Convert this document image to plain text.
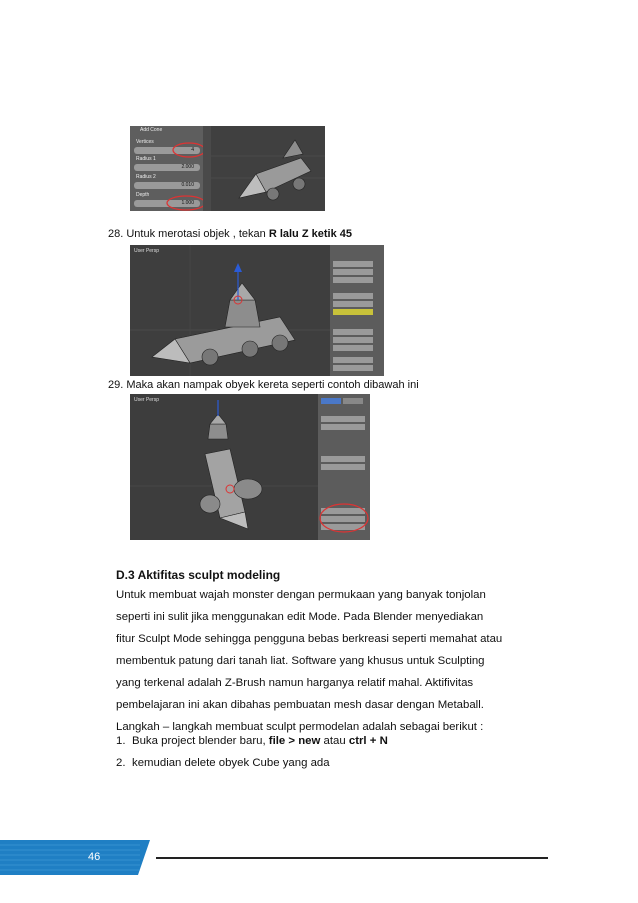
Add Cone
Vertices
4
Radius 1
2.000
Radius 2
0.010
Depth
1.000
28. Untuk merotasi objek , tekan R lalu Z ketik 45
User Persp
29. Maka akan nampak obyek kereta seperti contoh dibawah ini
User Persp
D.3 Aktifitas sculpt modeling
Untuk membuat wajah monster dengan permukaan yang banyak tonjolan
seperti ini sulit jika menggunakan edit Mode. Pada Blender menyediakan
fitur Sculpt Mode sehingga pengguna bebas berkreasi seperti memahat atau
membentuk patung dari tanah liat. Software yang khusus untuk Sculpting
yang terkenal adalah Z-Brush namun harganya relatif mahal. Aktifivitas
pembelajaran ini akan dibahas pembuatan mesh dasar dengan Metaball.
Langkah – langkah membuat sculpt permodelan adalah sebagai berikut :
1. Buka project blender baru, file > new atau ctrl + N
2. kemudian delete obyek Cube yang ada
46
